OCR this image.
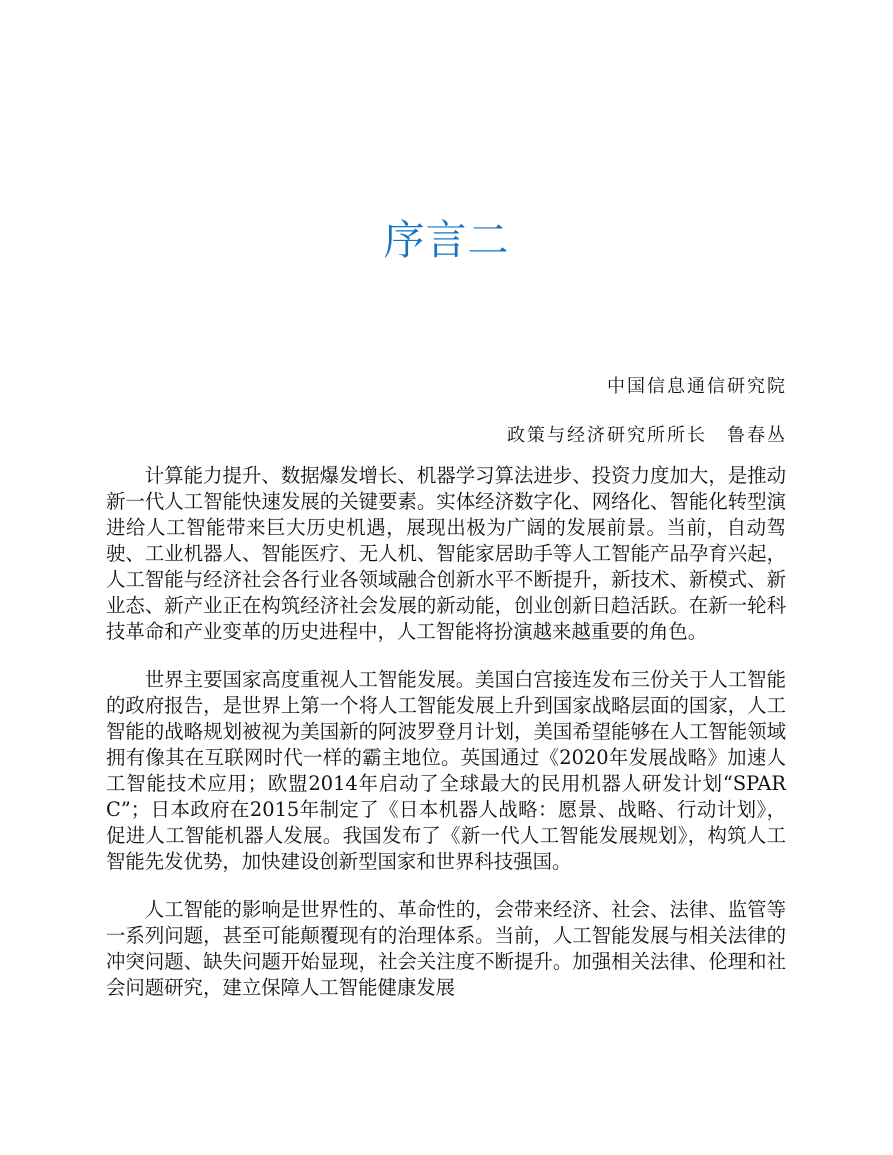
序言二
中国信息通信研究院
政策与经济研究所所长　鲁春丛

计算能力提升、数据爆发增长、机器学习算法进步、投资力度加大，是推动新一代人工智能快速发展的关键要素。实体经济数字化、网络化、智能化转型演进给人工智能带来巨大历史机遇，展现出极为广阔的发展前景。当前，自动驾驶、工业机器人、智能医疗、无人机、智能家居助手等人工智能产品孕育兴起，人工智能与经济社会各行业各领域融合创新水平不断提升，新技术、新模式、新业态、新产业正在构筑经济社会发展的新动能，创业创新日趋活跃。在新一轮科技革命和产业变革的历史进程中，人工智能将扮演越来越重要的角色。

世界主要国家高度重视人工智能发展。美国白宫接连发布三份关于人工智能的政府报告，是世界上第一个将人工智能发展上升到国家战略层面的国家，人工智能的战略规划被视为美国新的阿波罗登月计划，美国希望能够在人工智能领域拥有像其在互联网时代一样的霸主地位。英国通过《2020年发展战略》加速人工智能技术应用；欧盟2014年启动了全球最大的民用机器人研发计划“SPARC”；日本政府在2015年制定了《日本机器人战略：愿景、战略、行动计划》，促进人工智能机器人发展。我国发布了《新一代人工智能发展规划》，构筑人工智能先发优势，加快建设创新型国家和世界科技强国。

人工智能的影响是世界性的、革命性的，会带来经济、社会、法律、监管等一系列问题，甚至可能颠覆现有的治理体系。当前，人工智能发展与相关法律的冲突问题、缺失问题开始显现，社会关注度不断提升。加强相关法律、伦理和社会问题研究，建立保障人工智能健康发展
